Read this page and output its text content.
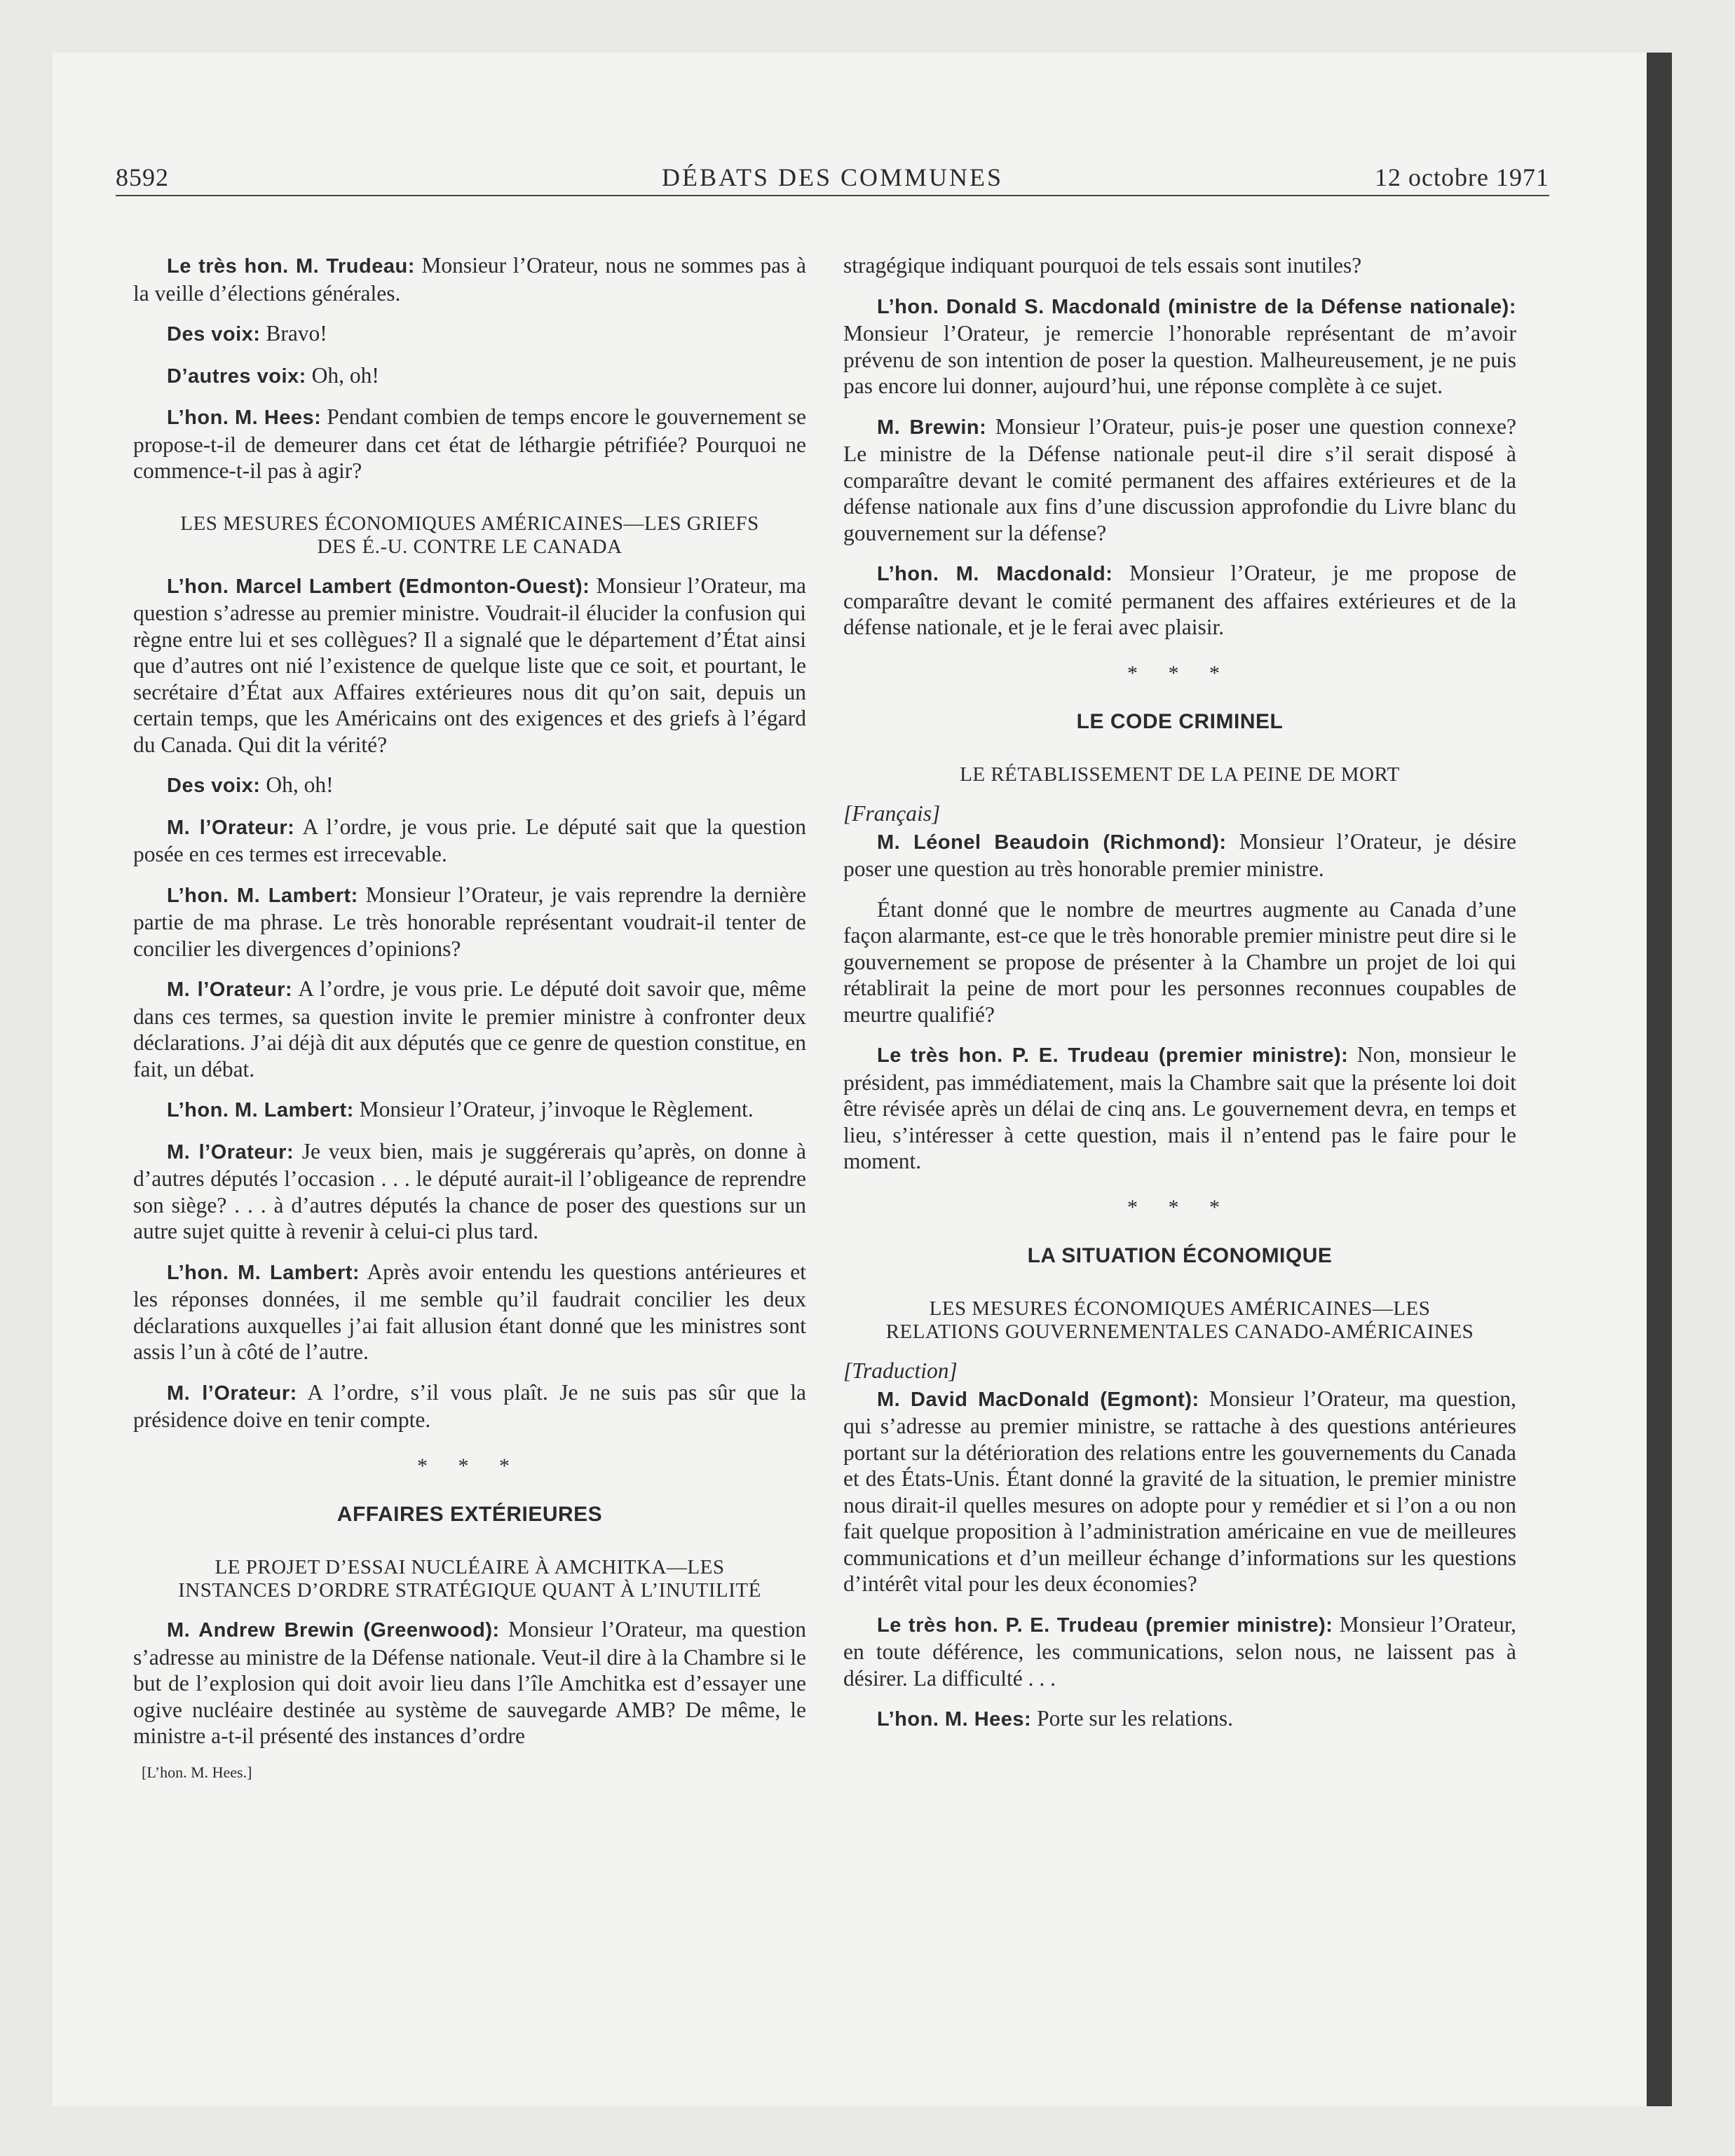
8592	DÉBATS DES COMMUNES	12 octobre 1971

Le très hon. M. Trudeau: Monsieur l’Orateur, nous ne sommes pas à la veille d’élections générales.

Des voix: Bravo!

D’autres voix: Oh, oh!

L’hon. M. Hees: Pendant combien de temps encore le gouvernement se propose-t-il de demeurer dans cet état de léthargie pétrifiée? Pourquoi ne commence-t-il pas à agir?

LES MESURES ÉCONOMIQUES AMÉRICAINES—LES GRIEFS DES É.-U. CONTRE LE CANADA

L’hon. Marcel Lambert (Edmonton-Ouest): Monsieur l’Orateur, ma question s’adresse au premier ministre. Voudrait-il élucider la confusion qui règne entre lui et ses collègues? Il a signalé que le département d’État ainsi que d’autres ont nié l’existence de quelque liste que ce soit, et pourtant, le secrétaire d’État aux Affaires extérieures nous dit qu’on sait, depuis un certain temps, que les Américains ont des exigences et des griefs à l’égard du Canada. Qui dit la vérité?

Des voix: Oh, oh!

M. l’Orateur: A l’ordre, je vous prie. Le député sait que la question posée en ces termes est irrecevable.

L’hon. M. Lambert: Monsieur l’Orateur, je vais reprendre la dernière partie de ma phrase. Le très honorable représentant voudrait-il tenter de concilier les divergences d’opinions?

M. l’Orateur: A l’ordre, je vous prie. Le député doit savoir que, même dans ces termes, sa question invite le premier ministre à confronter deux déclarations. J’ai déjà dit aux députés que ce genre de question constitue, en fait, un débat.

L’hon. M. Lambert: Monsieur l’Orateur, j’invoque le Règlement.

M. l’Orateur: Je veux bien, mais je suggérerais qu’après, on donne à d’autres députés l’occasion . . . le député aurait-il l’obligeance de reprendre son siège? . . . à d’autres députés la chance de poser des questions sur un autre sujet quitte à revenir à celui-ci plus tard.

L’hon. M. Lambert: Après avoir entendu les questions antérieures et les réponses données, il me semble qu’il faudrait concilier les deux déclarations auxquelles j’ai fait allusion étant donné que les ministres sont assis l’un à côté de l’autre.

M. l’Orateur: A l’ordre, s’il vous plaît. Je ne suis pas sûr que la présidence doive en tenir compte.

* * *
AFFAIRES EXTÉRIEURES
LE PROJET D’ESSAI NUCLÉAIRE À AMCHITKA—LES INSTANCES D’ORDRE STRATÉGIQUE QUANT À L’INUTILITÉ

M. Andrew Brewin (Greenwood): Monsieur l’Orateur, ma question s’adresse au ministre de la Défense nationale. Veut-il dire à la Chambre si le but de l’explosion qui doit avoir lieu dans l’île Amchitka est d’essayer une ogive nucléaire destinée au système de sauvegarde AMB? De même, le ministre a-t-il présenté des instances d’ordre

[L’hon. M. Hees.]

stragégique indiquant pourquoi de tels essais sont inutiles?

L’hon. Donald S. Macdonald (ministre de la Défense nationale): Monsieur l’Orateur, je remercie l’honorable représentant de m’avoir prévenu de son intention de poser la question. Malheureusement, je ne puis pas encore lui donner, aujourd’hui, une réponse complète à ce sujet.

M. Brewin: Monsieur l’Orateur, puis-je poser une question connexe? Le ministre de la Défense nationale peut-il dire s’il serait disposé à comparaître devant le comité permanent des affaires extérieures et de la défense nationale aux fins d’une discussion approfondie du Livre blanc du gouvernement sur la défense?

L’hon. M. Macdonald: Monsieur l’Orateur, je me propose de comparaître devant le comité permanent des affaires extérieures et de la défense nationale, et je le ferai avec plaisir.

* * *
LE CODE CRIMINEL
LE RÉTABLISSEMENT DE LA PEINE DE MORT
[Français]

M. Léonel Beaudoin (Richmond): Monsieur l’Orateur, je désire poser une question au très honorable premier ministre.

Étant donné que le nombre de meurtres augmente au Canada d’une façon alarmante, est-ce que le très honorable premier ministre peut dire si le gouvernement se propose de présenter à la Chambre un projet de loi qui rétablirait la peine de mort pour les personnes reconnues coupables de meurtre qualifié?

Le très hon. P. E. Trudeau (premier ministre): Non, monsieur le président, pas immédiatement, mais la Chambre sait que la présente loi doit être révisée après un délai de cinq ans. Le gouvernement devra, en temps et lieu, s’intéresser à cette question, mais il n’entend pas le faire pour le moment.

* * *
LA SITUATION ÉCONOMIQUE
LES MESURES ÉCONOMIQUES AMÉRICAINES—LES RELATIONS GOUVERNEMENTALES CANADO-AMÉRICAINES
[Traduction]

M. David MacDonald (Egmont): Monsieur l’Orateur, ma question, qui s’adresse au premier ministre, se rattache à des questions antérieures portant sur la détérioration des relations entre les gouvernements du Canada et des États-Unis. Étant donné la gravité de la situation, le premier ministre nous dirait-il quelles mesures on adopte pour y remédier et si l’on a ou non fait quelque proposition à l’administration américaine en vue de meilleures communications et d’un meilleur échange d’informations sur les questions d’intérêt vital pour les deux économies?

Le très hon. P. E. Trudeau (premier ministre): Monsieur l’Orateur, en toute déférence, les communications, selon nous, ne laissent pas à désirer. La difficulté . . .

L’hon. M. Hees: Porte sur les relations.
